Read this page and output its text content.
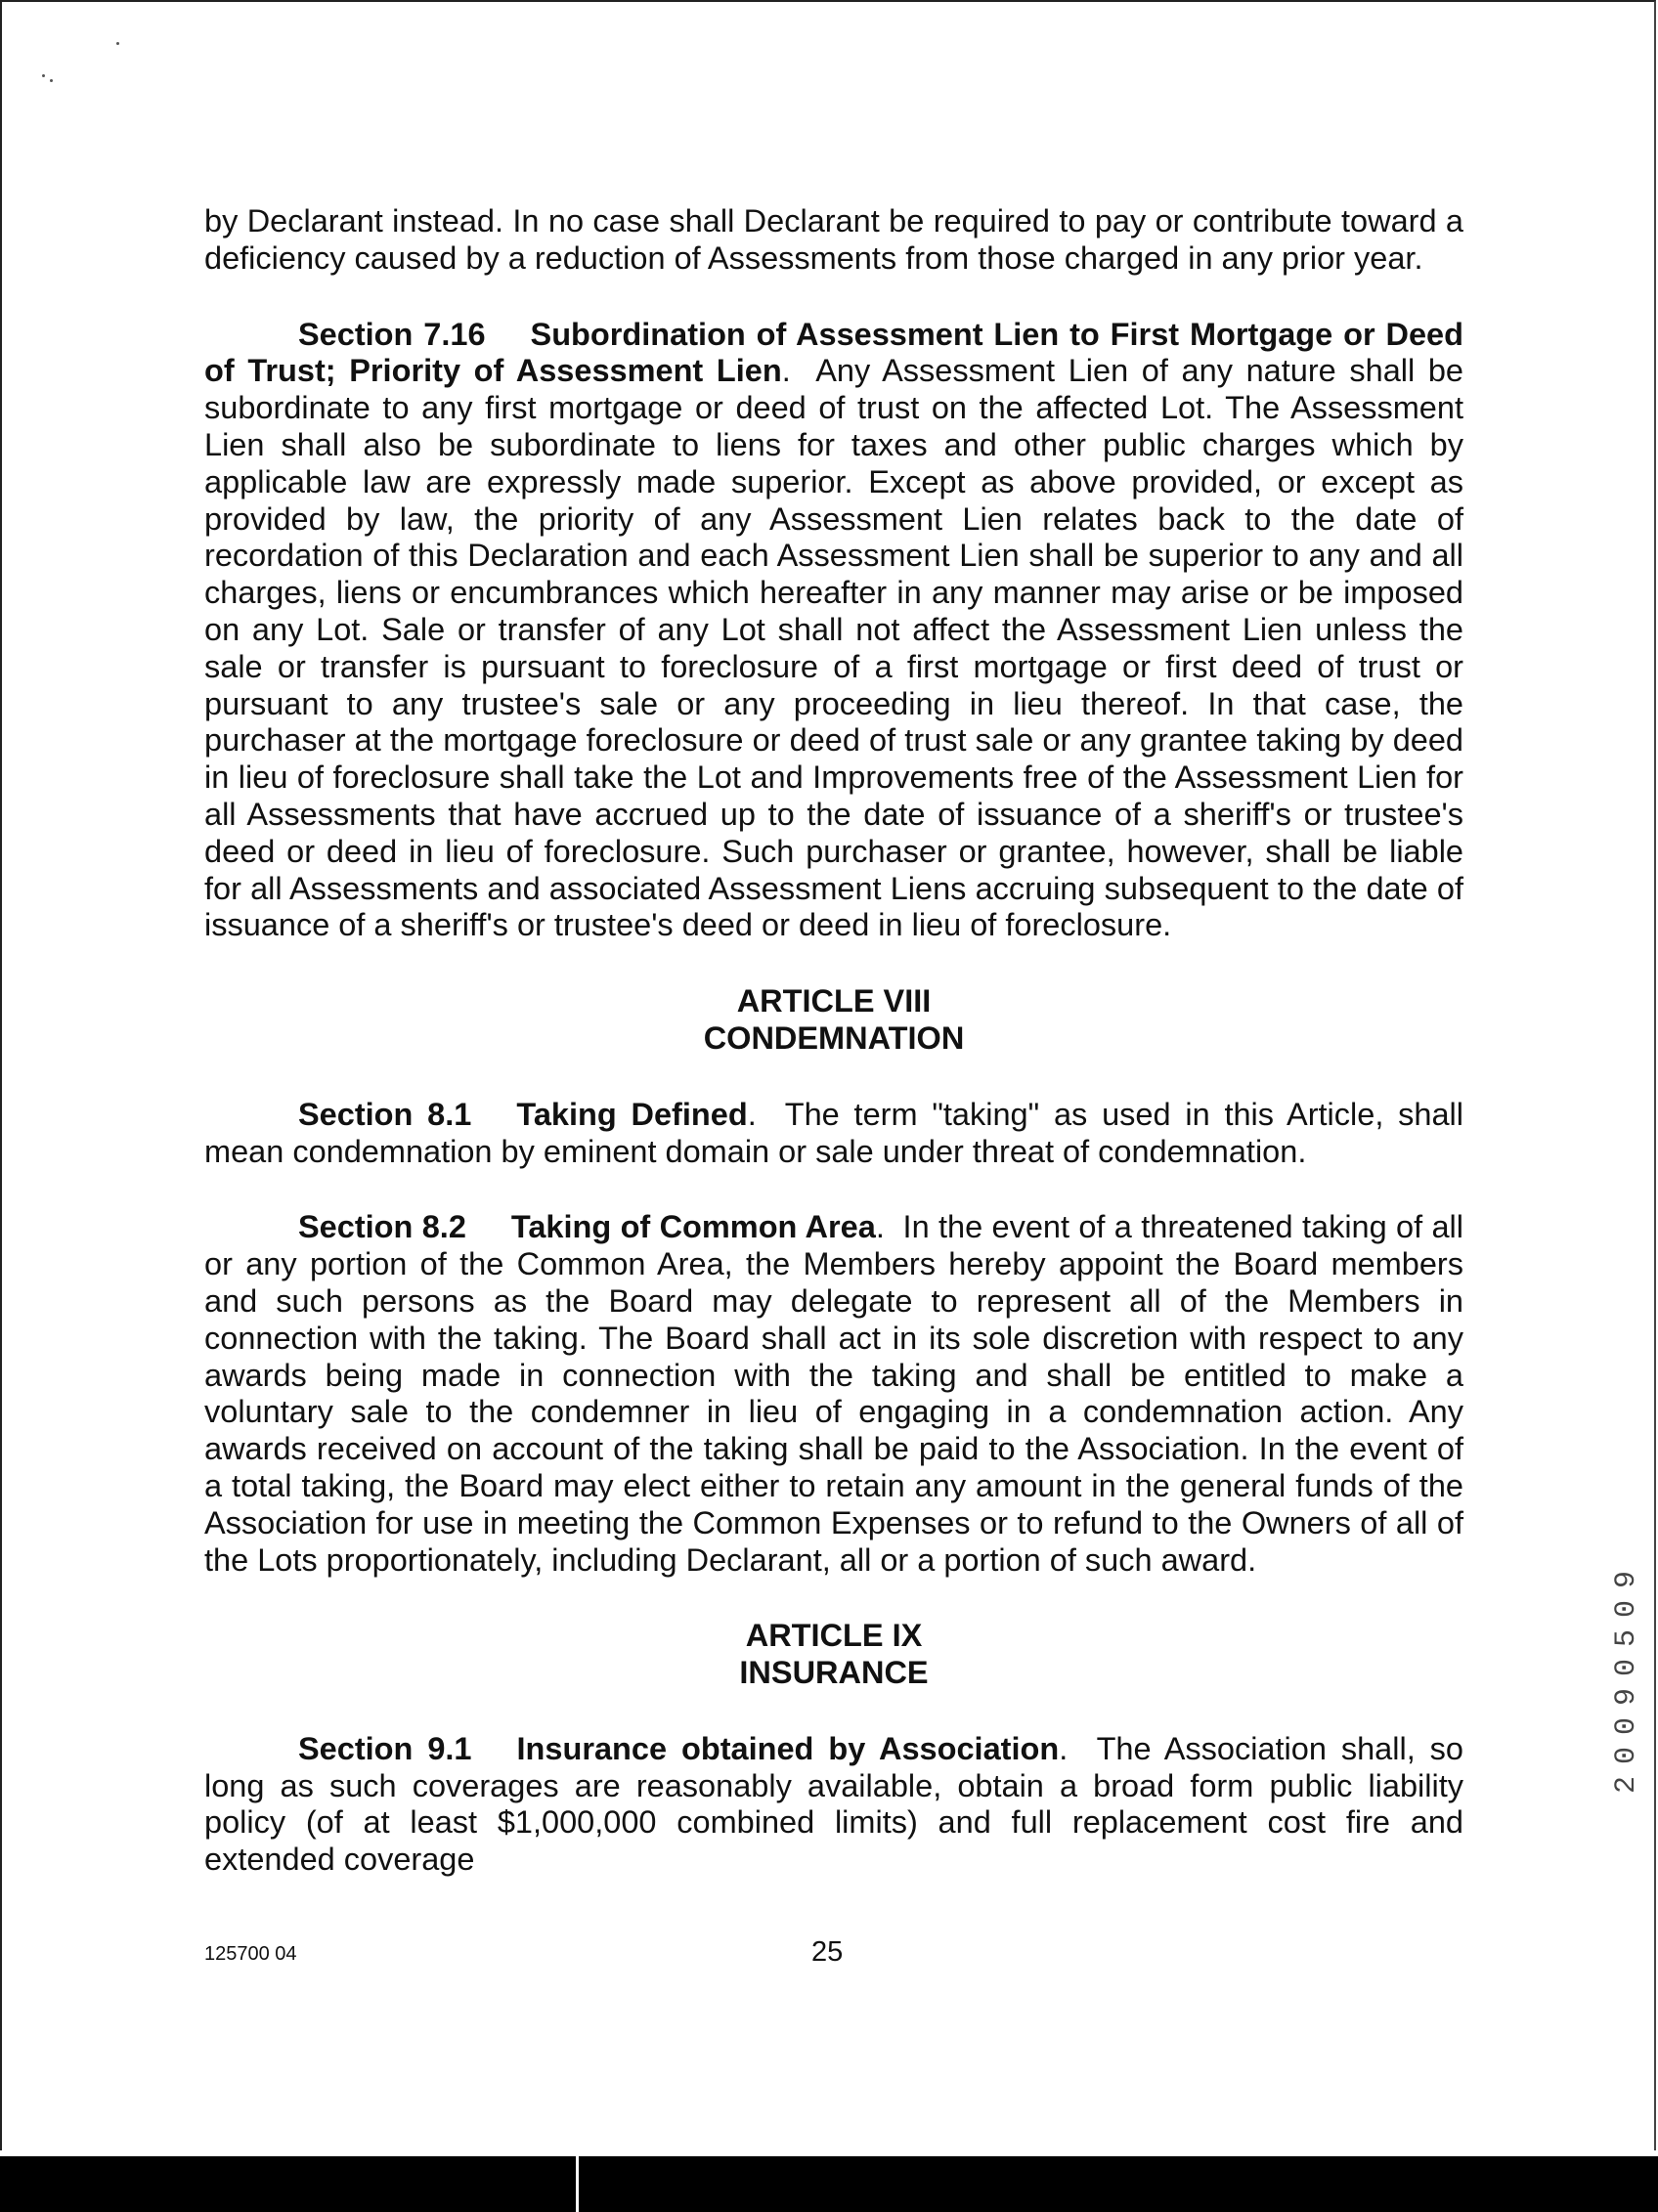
by Declarant instead. In no case shall Declarant be required to pay or contribute toward a deficiency caused by a reduction of Assessments from those charged in any prior year.

Section 7.16 Subordination of Assessment Lien to First Mortgage or Deed of Trust; Priority of Assessment Lien.  Any Assessment Lien of any nature shall be subordinate to any first mortgage or deed of trust on the affected Lot. The Assessment Lien shall also be subordinate to liens for taxes and other public charges which by applicable law are expressly made superior. Except as above provided, or except as provided by law, the priority of any Assessment Lien relates back to the date of recordation of this Declaration and each Assessment Lien shall be superior to any and all charges, liens or encumbrances which hereafter in any manner may arise or be imposed on any Lot. Sale or transfer of any Lot shall not affect the Assessment Lien unless the sale or transfer is pursuant to foreclosure of a first mortgage or first deed of trust or pursuant to any trustee's sale or any proceeding in lieu thereof. In that case, the purchaser at the mortgage foreclosure or deed of trust sale or any grantee taking by deed in lieu of foreclosure shall take the Lot and Improvements free of the Assessment Lien for all Assessments that have accrued up to the date of issuance of a sheriff's or trustee's deed or deed in lieu of foreclosure. Such purchaser or grantee, however, shall be liable for all Assessments and associated Assessment Liens accruing subsequent to the date of issuance of a sheriff's or trustee's deed or deed in lieu of foreclosure.

ARTICLE VIII
CONDEMNATION

Section 8.1 Taking Defined.  The term "taking" as used in this Article, shall mean condemnation by eminent domain or sale under threat of condemnation.

Section 8.2 Taking of Common Area.  In the event of a threatened taking of all or any portion of the Common Area, the Members hereby appoint the Board members and such persons as the Board may delegate to represent all of the Members in connection with the taking. The Board shall act in its sole discretion with respect to any awards being made in connection with the taking and shall be entitled to make a voluntary sale to the condemner in lieu of engaging in a condemnation action. Any awards received on account of the taking shall be paid to the Association. In the event of a total taking, the Board may elect either to retain any amount in the general funds of the Association for use in meeting the Common Expenses or to refund to the Owners of all of the Lots proportionately, including Declarant, all or a portion of such award.

ARTICLE IX
INSURANCE

Section 9.1 Insurance obtained by Association.  The Association shall, so long as such coverages are reasonably available, obtain a broad form public liability policy (of at least $1,000,000 combined limits) and full replacement cost fire and extended coverage

125700 04	25
20090509
